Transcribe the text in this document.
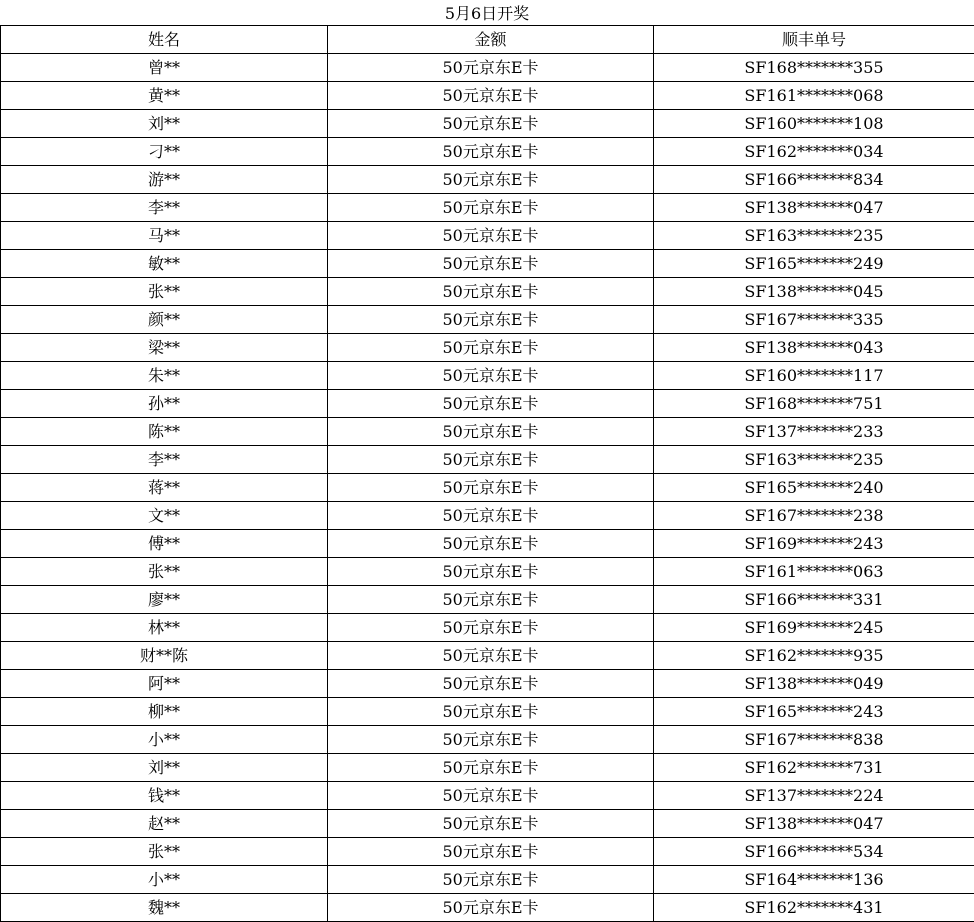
5月6日开奖
姓名	金额	顺丰单号
曾**	50元京东E卡	SF168*******355
黄**	50元京东E卡	SF161*******068
刘**	50元京东E卡	SF160*******108
刁**	50元京东E卡	SF162*******034
游**	50元京东E卡	SF166*******834
李**	50元京东E卡	SF138*******047
马**	50元京东E卡	SF163*******235
敏**	50元京东E卡	SF165*******249
张**	50元京东E卡	SF138*******045
颜**	50元京东E卡	SF167*******335
梁**	50元京东E卡	SF138*******043
朱**	50元京东E卡	SF160*******117
孙**	50元京东E卡	SF168*******751
陈**	50元京东E卡	SF137*******233
李**	50元京东E卡	SF163*******235
蒋**	50元京东E卡	SF165*******240
文**	50元京东E卡	SF167*******238
傅**	50元京东E卡	SF169*******243
张**	50元京东E卡	SF161*******063
廖**	50元京东E卡	SF166*******331
林**	50元京东E卡	SF169*******245
财**陈	50元京东E卡	SF162*******935
阿**	50元京东E卡	SF138*******049
柳**	50元京东E卡	SF165*******243
小**	50元京东E卡	SF167*******838
刘**	50元京东E卡	SF162*******731
钱**	50元京东E卡	SF137*******224
赵**	50元京东E卡	SF138*******047
张**	50元京东E卡	SF166*******534
小**	50元京东E卡	SF164*******136
魏**	50元京东E卡	SF162*******431
